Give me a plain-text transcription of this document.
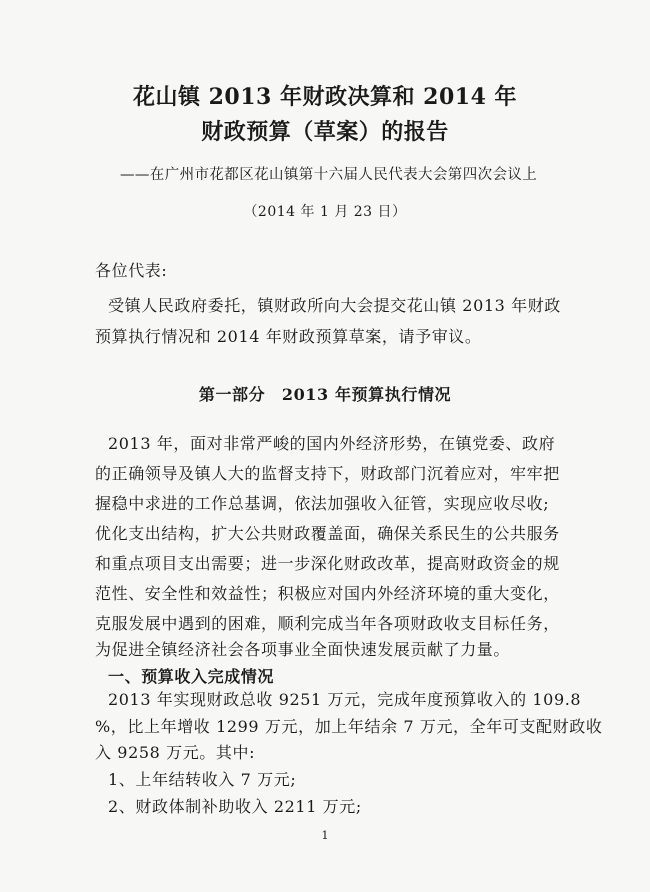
花山镇 2013 年财政决算和 2014 年
财政预算（草案）的报告
——在广州市花都区花山镇第十六届人民代表大会第四次会议上
（2014 年 1 月 23 日）
各位代表:
受镇人民政府委托，镇财政所向大会提交花山镇 2013 年财政
预算执行情况和 2014 年财政预算草案，请予审议。
第一部分　2013 年预算执行情况
2013 年，面对非常严峻的国内外经济形势，在镇党委、政府
的正确领导及镇人大的监督支持下，财政部门沉着应对，牢牢把
握稳中求进的工作总基调，依法加强收入征管，实现应收尽收;
优化支出结构，扩大公共财政覆盖面，确保关系民生的公共服务
和重点项目支出需要；进一步深化财政改革，提高财政资金的规
范性、安全性和效益性；积极应对国内外经济环境的重大变化，
克服发展中遇到的困难，顺利完成当年各项财政收支目标任务，
为促进全镇经济社会各项事业全面快速发展贡献了力量。
一、预算收入完成情况
2013 年实现财政总收 9251 万元，完成年度预算收入的 109.8
%，比上年增收 1299 万元，加上年结余 7 万元，全年可支配财政收
入 9258 万元。其中:
1、上年结转收入 7 万元;
2、财政体制补助收入 2211 万元;
1
